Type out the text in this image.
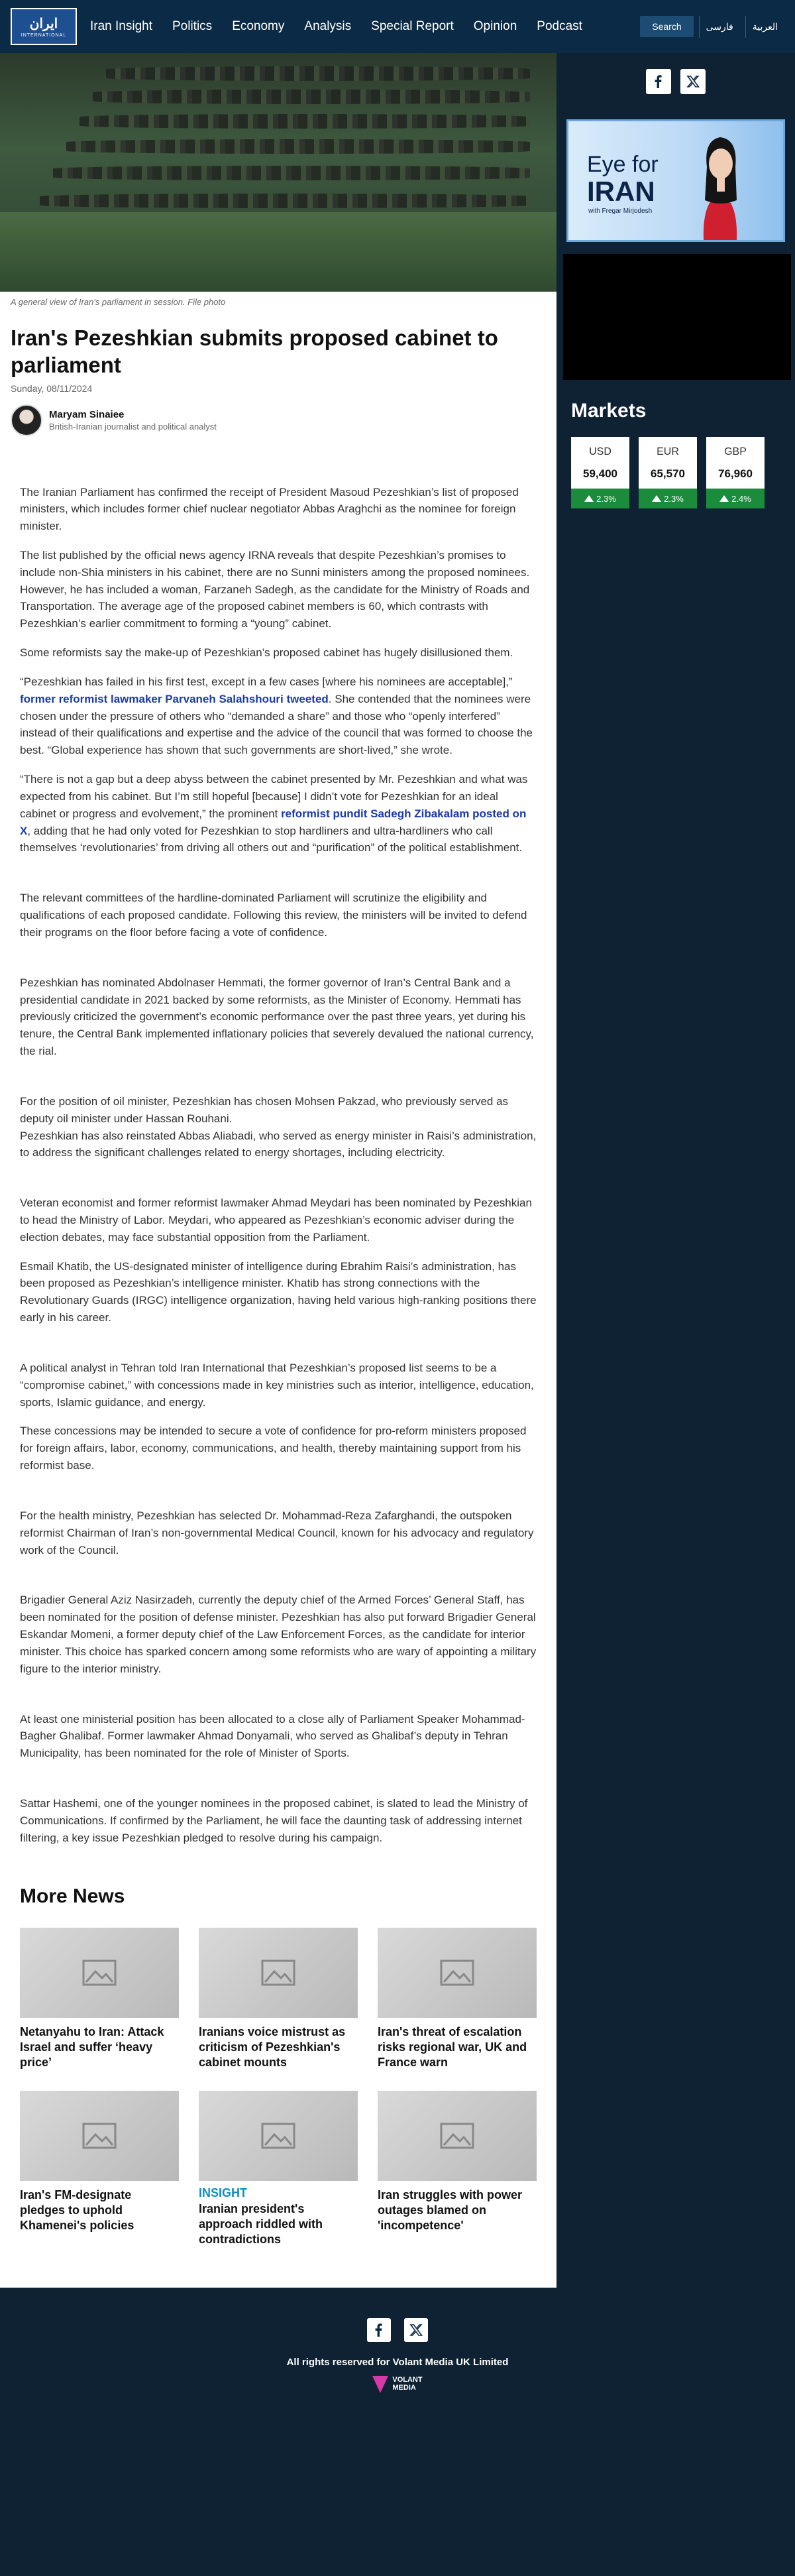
ايران
INTERNATIONAL
Iran Insight Politics Economy Analysis Special Report Opinion Podcast	Search	فارسی	العربية

A general view of Iran's parliament in session. File photo

Iran's Pezeshkian submits proposed cabinet to parliament
Sunday, 08/11/2024
Maryam Sinaiee
British-Iranian journalist and political analyst

The Iranian Parliament has confirmed the receipt of President Masoud Pezeshkian’s list of proposed ministers, which includes former chief nuclear negotiator Abbas Araghchi as the nominee for foreign minister.

The list published by the official news agency IRNA reveals that despite Pezeshkian’s promises to include non-Shia ministers in his cabinet, there are no Sunni ministers among the proposed nominees. However, he has included a woman, Farzaneh Sadegh, as the candidate for the Ministry of Roads and Transportation. The average age of the proposed cabinet members is 60, which contrasts with Pezeshkian’s earlier commitment to forming a “young” cabinet.

Some reformists say the make-up of Pezeshkian’s proposed cabinet has hugely disillusioned them.

“Pezeshkian has failed in his first test, except in a few cases [where his nominees are acceptable],” former reformist lawmaker Parvaneh Salahshouri tweeted. She contended that the nominees were chosen under the pressure of others who “demanded a share” and those who “openly interfered” instead of their qualifications and expertise and the advice of the council that was formed to choose the best. “Global experience has shown that such governments are short-lived,” she wrote.

“There is not a gap but a deep abyss between the cabinet presented by Mr. Pezeshkian and what was expected from his cabinet. But I’m still hopeful [because] I didn’t vote for Pezeshkian for an ideal cabinet or progress and evolvement,” the prominent reformist pundit Sadegh Zibakalam posted on X, adding that he had only voted for Pezeshkian to stop hardliners and ultra-hardliners who call themselves ‘revolutionaries’ from driving all others out and “purification” of the political establishment.

The relevant committees of the hardline-dominated Parliament will scrutinize the eligibility and qualifications of each proposed candidate. Following this review, the ministers will be invited to defend their programs on the floor before facing a vote of confidence.

Pezeshkian has nominated Abdolnaser Hemmati, the former governor of Iran’s Central Bank and a presidential candidate in 2021 backed by some reformists, as the Minister of Economy. Hemmati has previously criticized the government’s economic performance over the past three years, yet during his tenure, the Central Bank implemented inflationary policies that severely devalued the national currency, the rial.

For the position of oil minister, Pezeshkian has chosen Mohsen Pakzad, who previously served as deputy oil minister under Hassan Rouhani.

Pezeshkian has also reinstated Abbas Aliabadi, who served as energy minister in Raisi’s administration, to address the significant challenges related to energy shortages, including electricity.

Veteran economist and former reformist lawmaker Ahmad Meydari has been nominated by Pezeshkian to head the Ministry of Labor. Meydari, who appeared as Pezeshkian’s economic adviser during the election debates, may face substantial opposition from the Parliament.

Esmail Khatib, the US-designated minister of intelligence during Ebrahim Raisi’s administration, has been proposed as Pezeshkian’s intelligence minister. Khatib has strong connections with the Revolutionary Guards (IRGC) intelligence organization, having held various high-ranking positions there early in his career.

A political analyst in Tehran told Iran International that Pezeshkian’s proposed list seems to be a “compromise cabinet,” with concessions made in key ministries such as interior, intelligence, education, sports, Islamic guidance, and energy.

These concessions may be intended to secure a vote of confidence for pro-reform ministers proposed for foreign affairs, labor, economy, communications, and health, thereby maintaining support from his reformist base.

For the health ministry, Pezeshkian has selected Dr. Mohammad-Reza Zafarghandi, the outspoken reformist Chairman of Iran’s non-governmental Medical Council, known for his advocacy and regulatory work of the Council.

Brigadier General Aziz Nasirzadeh, currently the deputy chief of the Armed Forces’ General Staff, has been nominated for the position of defense minister. Pezeshkian has also put forward Brigadier General Eskandar Momeni, a former deputy chief of the Law Enforcement Forces, as the candidate for interior minister. This choice has sparked concern among some reformists who are wary of appointing a military figure to the interior ministry.

At least one ministerial position has been allocated to a close ally of Parliament Speaker Mohammad-Bagher Ghalibaf. Former lawmaker Ahmad Donyamali, who served as Ghalibaf’s deputy in Tehran Municipality, has been nominated for the role of Minister of Sports.

Sattar Hashemi, one of the younger nominees in the proposed cabinet, is slated to lead the Ministry of Communications. If confirmed by the Parliament, he will face the daunting task of addressing internet filtering, a key issue Pezeshkian pledged to resolve during his campaign.

More News
Netanyahu to Iran: Attack Israel and suffer ‘heavy price’
Iranians voice mistrust as criticism of Pezeshkian's cabinet mounts
Iran's threat of escalation risks regional war, UK and France warn
Iran's FM-designate pledges to uphold Khamenei's policies
INSIGHT
Iranian president's approach riddled with contradictions
Iran struggles with power outages blamed on 'incompetence'
Eye for
IRAN
with Fregar Mirjodesh
Markets
USD
59,400
2.3%
EUR
65,570
2.3%
GBP
76,960
2.4%
All rights reserved for Volant Media UK Limited
VOLANT
MEDIA
